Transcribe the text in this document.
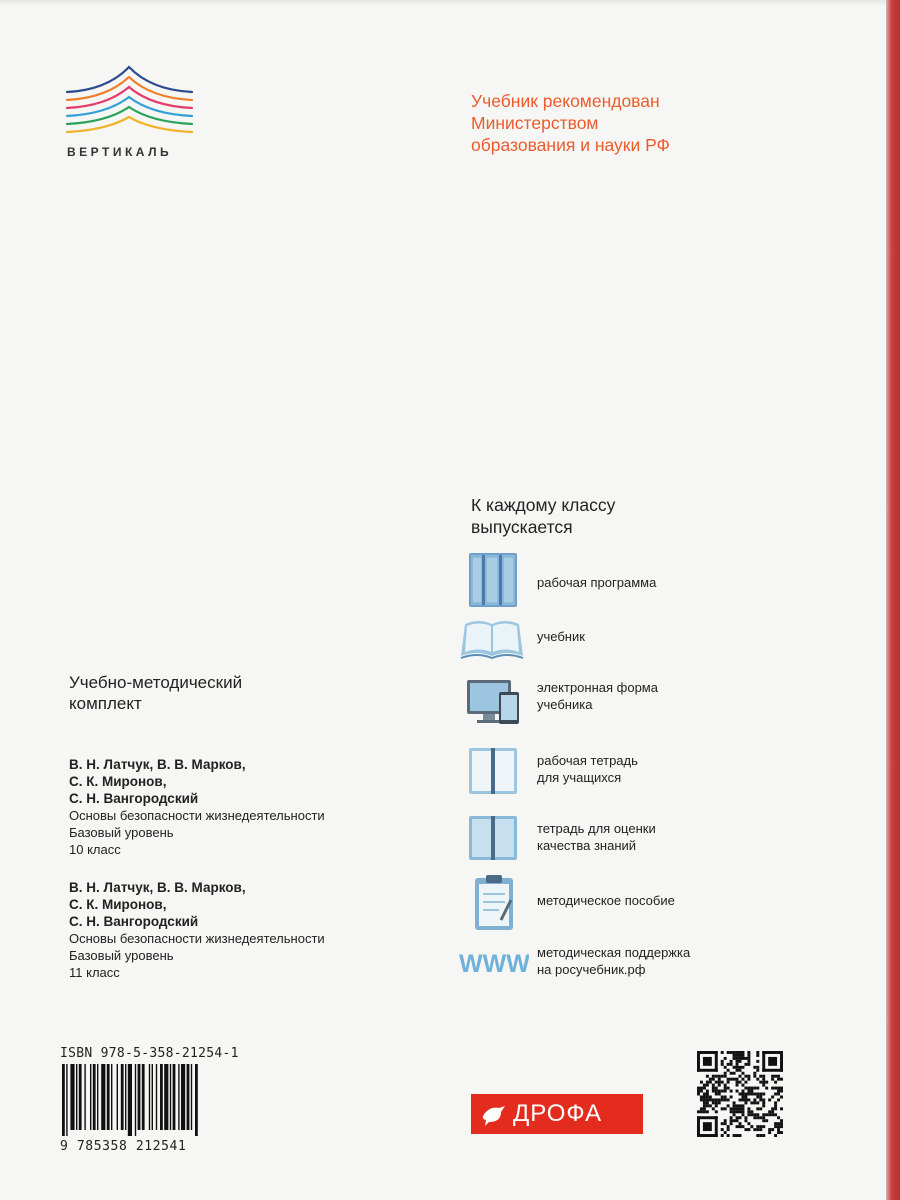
ВЕРТИКАЛЬ
Учебник рекомендован
Министерством
образования и науки РФ
К каждому классу
выпускается
рабочая программа
учебник
электронная форма
учебника
рабочая тетрадь
для учащихся
тетрадь для оценки
качества знаний
методическое пособие
WWW методическая поддержка
на росучебник.рф
Учебно-методический
комплект
В. Н. Латчук, В. В. Марков,
С. К. Миронов,
С. Н. Вангородский
Основы безопасности жизнедеятельности
Базовый уровень
10 класс
В. Н. Латчук, В. В. Марков,
С. К. Миронов,
С. Н. Вангородский
Основы безопасности жизнедеятельности
Базовый уровень
11 класс
ISBN 978-5-358-21254-1
9 785358 212541
ДРОФА
